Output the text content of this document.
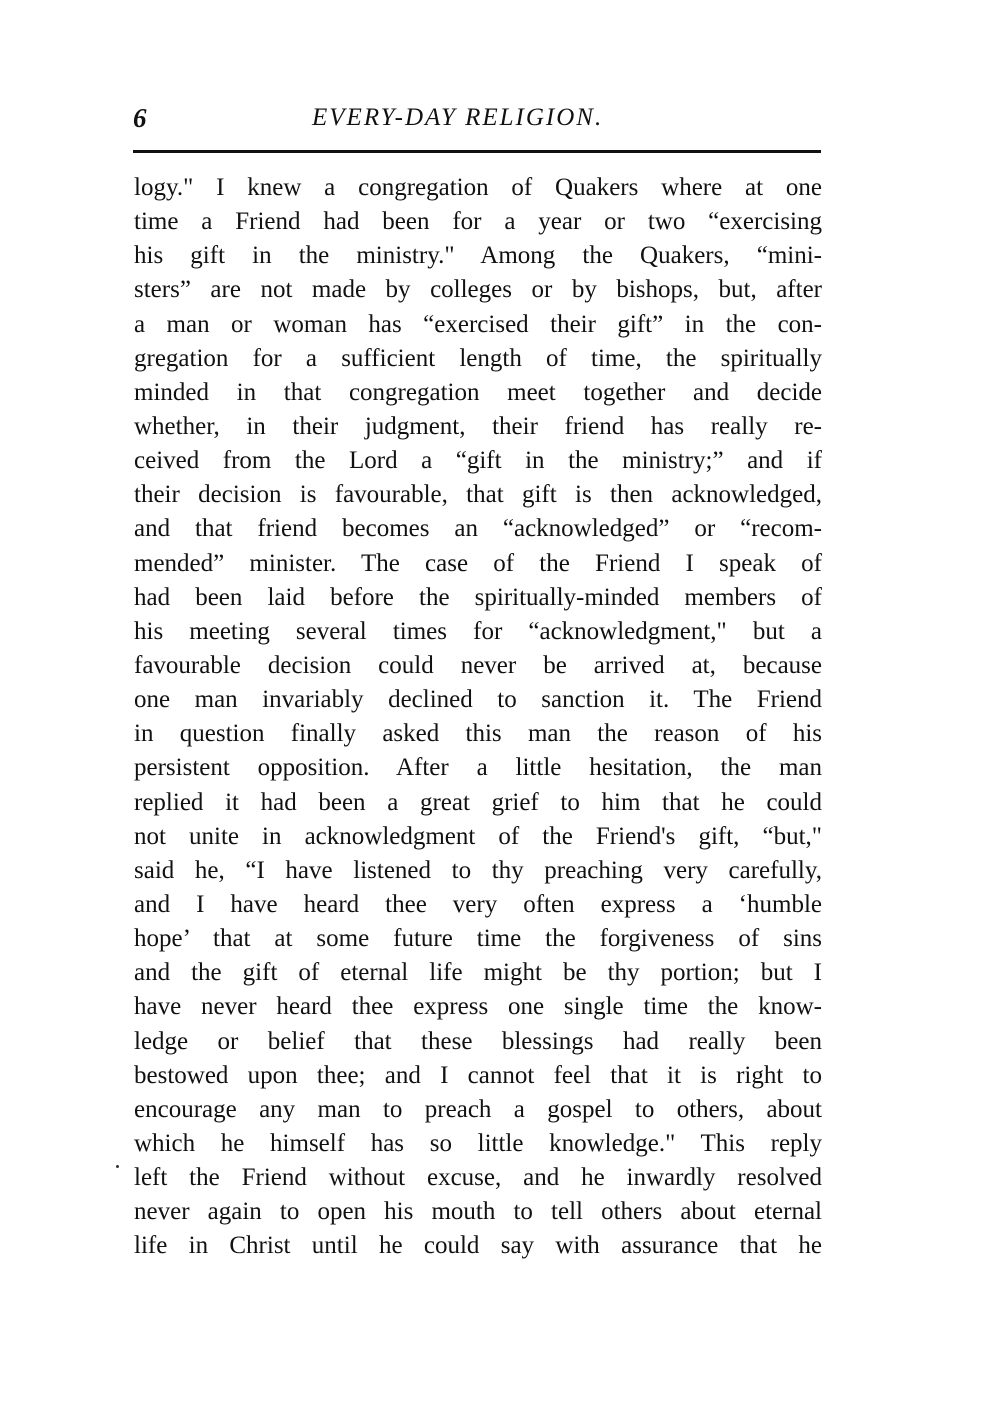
6	EVERY-DAY RELIGION.
logy." I knew a congregation of Quakers where at one
time a Friend had been for a year or two “exercising
his gift in the ministry." Among the Quakers, “mini-
sters” are not made by colleges or by bishops, but, after
a man or woman has “exercised their gift” in the con-
gregation for a sufficient length of time, the spiritually
minded in that congregation meet together and decide
whether, in their judgment, their friend has really re-
ceived from the Lord a “gift in the ministry;” and if
their decision is favourable, that gift is then acknowledged,
and that friend becomes an “acknowledged” or “recom-
mended” minister. The case of the Friend I speak of
had been laid before the spiritually-minded members of
his meeting several times for “acknowledgment," but a
favourable decision could never be arrived at, because
one man invariably declined to sanction it. The Friend
in question finally asked this man the reason of his
persistent opposition. After a little hesitation, the man
replied it had been a great grief to him that he could
not unite in acknowledgment of the Friend's gift, “but,"
said he, “I have listened to thy preaching very carefully,
and I have heard thee very often express a ‘humble
hope’ that at some future time the forgiveness of sins
and the gift of eternal life might be thy portion; but I
have never heard thee express one single time the know-
ledge or belief that these blessings had really been
bestowed upon thee; and I cannot feel that it is right to
encourage any man to preach a gospel to others, about
which he himself has so little knowledge." This reply
left the Friend without excuse, and he inwardly resolved
never again to open his mouth to tell others about eternal
life in Christ until he could say with assurance that he
